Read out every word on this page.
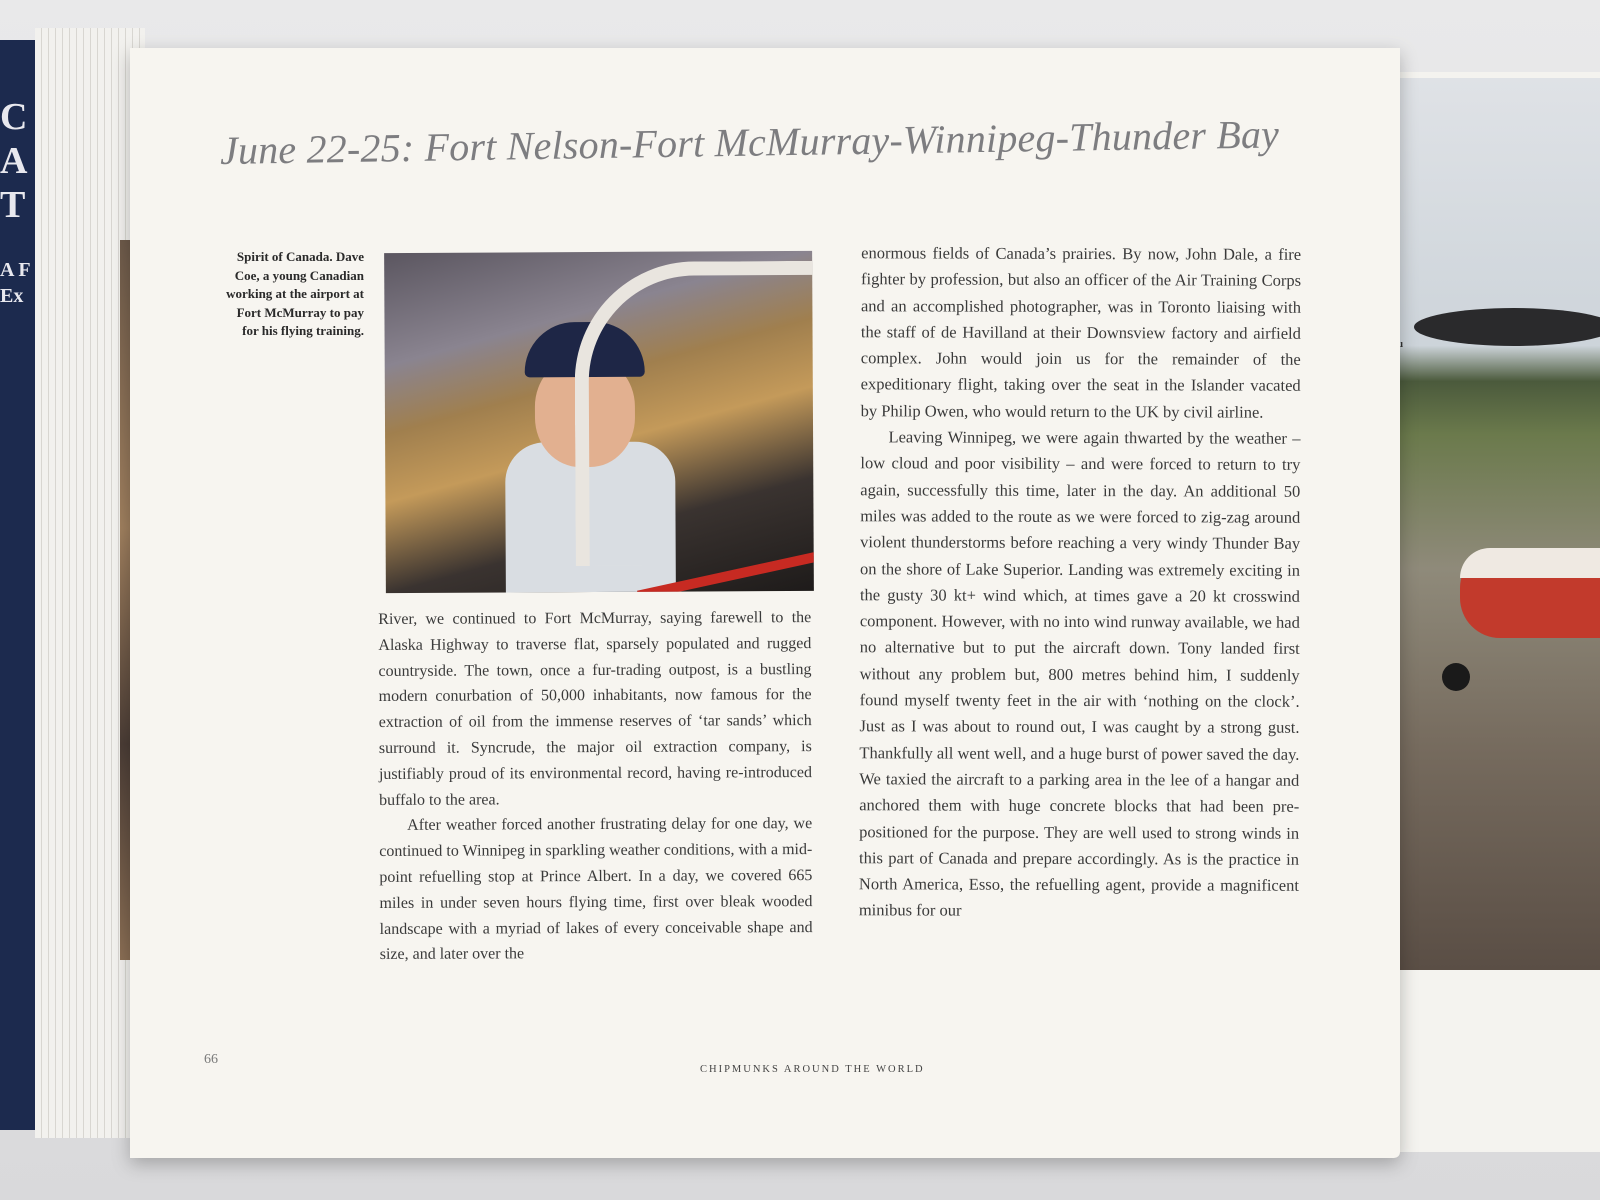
C
A
T
A F
Ex
June 22-25: Fort Nelson-Fort McMurray-Winnipeg-Thunder Bay
Spirit of Canada. Dave Coe, a young Canadian working at the airport at Fort McMurray to pay for his flying training.

River, we continued to Fort McMurray, saying farewell to the Alaska Highway to traverse flat, sparsely populated and rugged countryside. The town, once a fur-trading outpost, is a bustling modern conurbation of 50,000 inhabitants, now famous for the extraction of oil from the immense reserves of ‘tar sands’ which surround it. Syncrude, the major oil extraction company, is justifiably proud of its environmental record, having re-introduced buffalo to the area.

After weather forced another frustrating delay for one day, we continued to Winnipeg in sparkling weather conditions, with a mid-point refuelling stop at Prince Albert. In a day, we covered 665 miles in under seven hours flying time, first over bleak wooded landscape with a myriad of lakes of every conceivable shape and size, and later over the

enormous fields of Canada’s prairies. By now, John Dale, a fire fighter by profession, but also an officer of the Air Training Corps and an accomplished photographer, was in Toronto liaising with the staff of de Havilland at their Downsview factory and airfield complex. John would join us for the remainder of the expeditionary flight, taking over the seat in the Islander vacated by Philip Owen, who would return to the UK by civil airline.

Leaving Winnipeg, we were again thwarted by the weather – low cloud and poor visibility – and were forced to return to try again, successfully this time, later in the day. An additional 50 miles was added to the route as we were forced to zig-zag around violent thunderstorms before reaching a very windy Thunder Bay on the shore of Lake Superior. Landing was extremely exciting in the gusty 30 kt+ wind which, at times gave a 20 kt crosswind component. However, with no into wind runway available, we had no alternative but to put the aircraft down. Tony landed first without any problem but, 800 metres behind him, I suddenly found myself twenty feet in the air with ‘nothing on the clock’. Just as I was about to round out, I was caught by a strong gust. Thankfully all went well, and a huge burst of power saved the day. We taxied the aircraft to a parking area in the lee of a hangar and anchored them with huge concrete blocks that had been pre-positioned for the purpose. They are well used to strong winds in this part of Canada and prepare accordingly. As is the practice in North America, Esso, the refuelling agent, provide a magnificent minibus for our

66
CHIPMUNKS AROUND THE WORLD
